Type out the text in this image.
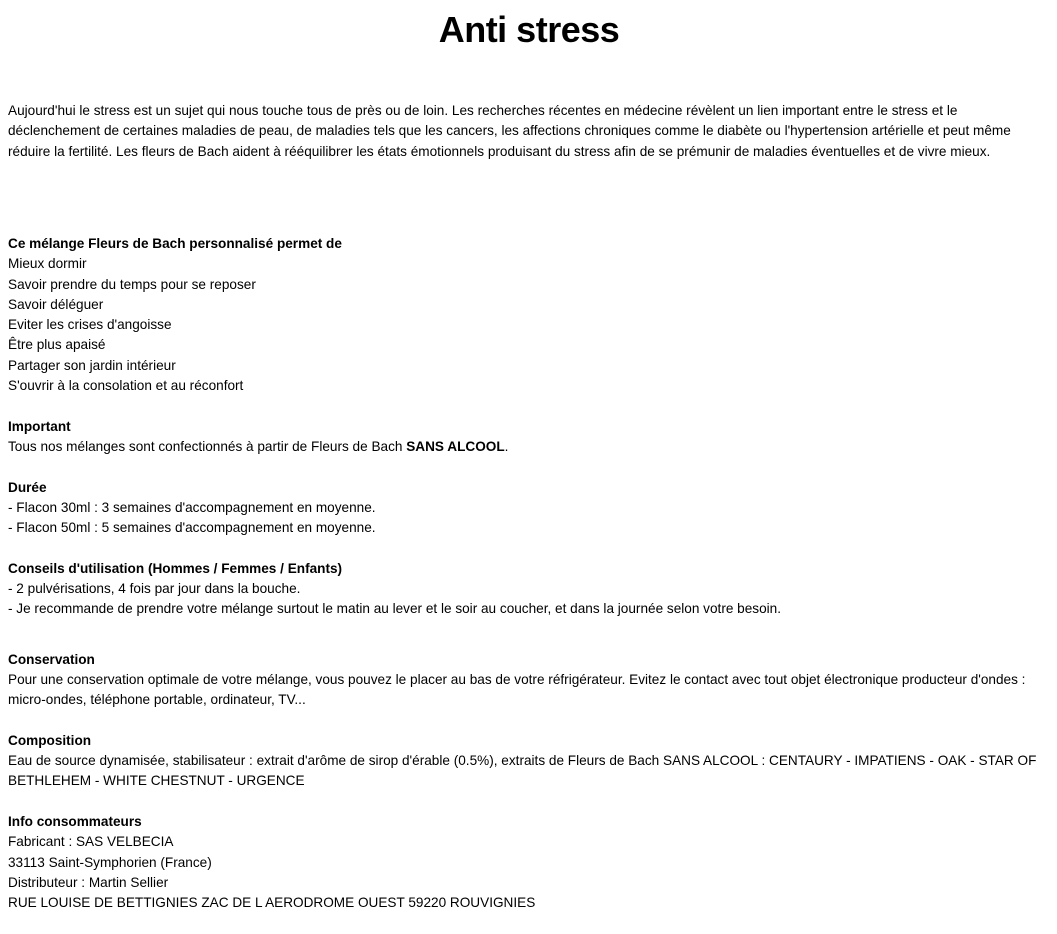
Anti stress

Aujourd'hui le stress est un sujet qui nous touche tous de près ou de loin. Les recherches récentes en médecine révèlent un lien important entre le stress et le déclenchement de certaines maladies de peau, de maladies tels que les cancers, les affections chroniques comme le diabète ou l'hypertension artérielle et peut même réduire la fertilité. Les fleurs de Bach aident à rééquilibrer les états émotionnels produisant du stress afin de se prémunir de maladies éventuelles et de vivre mieux.

Ce mélange Fleurs de Bach personnalisé permet de
Mieux dormir
Savoir prendre du temps pour se reposer
Savoir déléguer
Eviter les crises d'angoisse
Être plus apaisé
Partager son jardin intérieur
S'ouvrir à la consolation et au réconfort
Important
Tous nos mélanges sont confectionnés à partir de Fleurs de Bach SANS ALCOOL.
Durée
- Flacon 30ml : 3 semaines d'accompagnement en moyenne.
- Flacon 50ml : 5 semaines d'accompagnement en moyenne.
Conseils d'utilisation (Hommes / Femmes / Enfants)
- 2 pulvérisations, 4 fois par jour dans la bouche.
- Je recommande de prendre votre mélange surtout le matin au lever et le soir au coucher, et dans la journée selon votre besoin.
Conservation
Pour une conservation optimale de votre mélange, vous pouvez le placer au bas de votre réfrigérateur. Evitez le contact avec tout objet électronique producteur d'ondes : micro-ondes, téléphone portable, ordinateur, TV...
Composition
Eau de source dynamisée, stabilisateur : extrait d'arôme de sirop d'érable (0.5%), extraits de Fleurs de Bach SANS ALCOOL : CENTAURY - IMPATIENS - OAK - STAR OF BETHLEHEM - WHITE CHESTNUT - URGENCE
Info consommateurs
Fabricant : SAS VELBECIA
33113 Saint-Symphorien (France)
Distributeur : Martin Sellier
RUE LOUISE DE BETTIGNIES ZAC DE L AERODROME OUEST 59220 ROUVIGNIES
